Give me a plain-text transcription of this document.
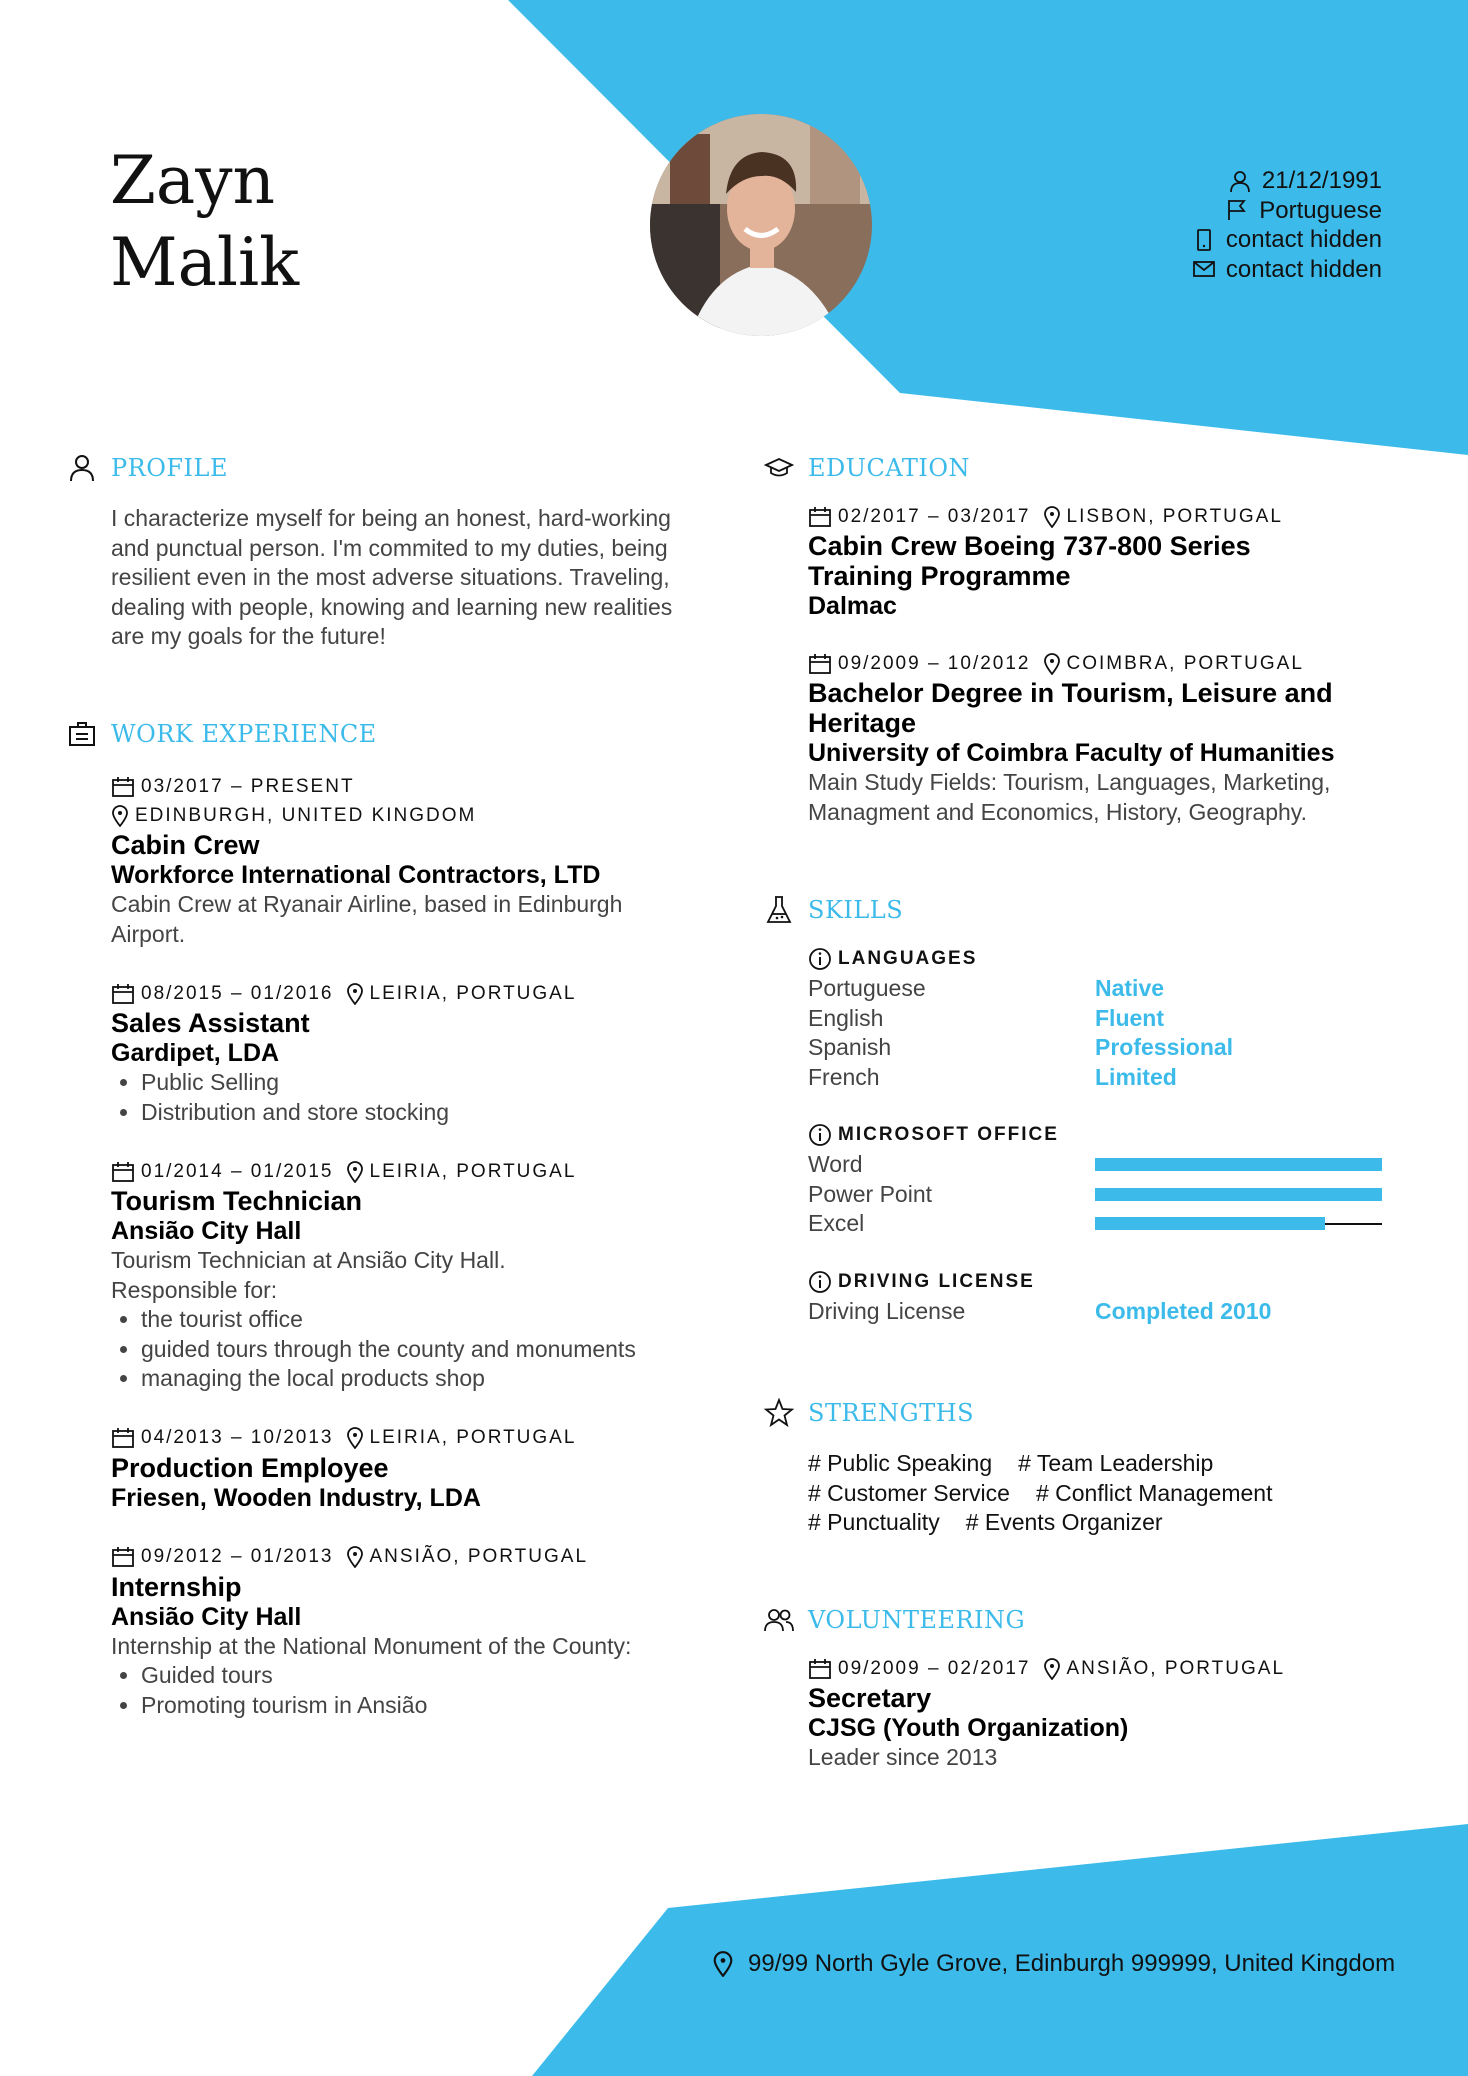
Zayn
Malik
21/12/1991
Portuguese
contact hidden
contact hidden
PROFILE
I characterize myself for being an honest, hard-working and punctual person. I'm commited to my duties, being resilient even in the most adverse situations. Traveling, dealing with people, knowing and learning new realities are my goals for the future!
WORK EXPERIENCE
03/2017 – PRESENT
EDINBURGH, UNITED KINGDOM
Cabin Crew
Workforce International Contractors, LTD
Cabin Crew at Ryanair Airline, based in Edinburgh Airport.
08/2015 – 01/2016 LEIRIA, PORTUGAL
Sales Assistant
Gardipet, LDA
• Public Selling
• Distribution and store stocking
01/2014 – 01/2015 LEIRIA, PORTUGAL
Tourism Technician
Ansião City Hall
Tourism Technician at Ansião City Hall.
Responsible for:
• the tourist office
• guided tours through the county and monuments
• managing the local products shop
04/2013 – 10/2013 LEIRIA, PORTUGAL
Production Employee
Friesen, Wooden Industry, LDA
09/2012 – 01/2013 ANSIÃO, PORTUGAL
Internship
Ansião City Hall
Internship at the National Monument of the County:
• Guided tours
• Promoting tourism in Ansião
EDUCATION
02/2017 – 03/2017 LISBON, PORTUGAL
Cabin Crew Boeing 737-800 Series
Training Programme
Dalmac
09/2009 – 10/2012 COIMBRA, PORTUGAL
Bachelor Degree in Tourism, Leisure and
Heritage
University of Coimbra Faculty of Humanities
Main Study Fields: Tourism, Languages, Marketing, Managment and Economics, History, Geography.
SKILLS
LANGUAGES
Portuguese	Native
English	Fluent
Spanish	Professional
French	Limited
MICROSOFT OFFICE
Word
Power Point
Excel
DRIVING LICENSE
Driving License	Completed 2010
STRENGTHS
# Public Speaking # Team Leadership
# Customer Service # Conflict Management
# Punctuality # Events Organizer
VOLUNTEERING
09/2009 – 02/2017 ANSIÃO, PORTUGAL
Secretary
CJSG (Youth Organization)
Leader since 2013
99/99 North Gyle Grove, Edinburgh 999999, United Kingdom
